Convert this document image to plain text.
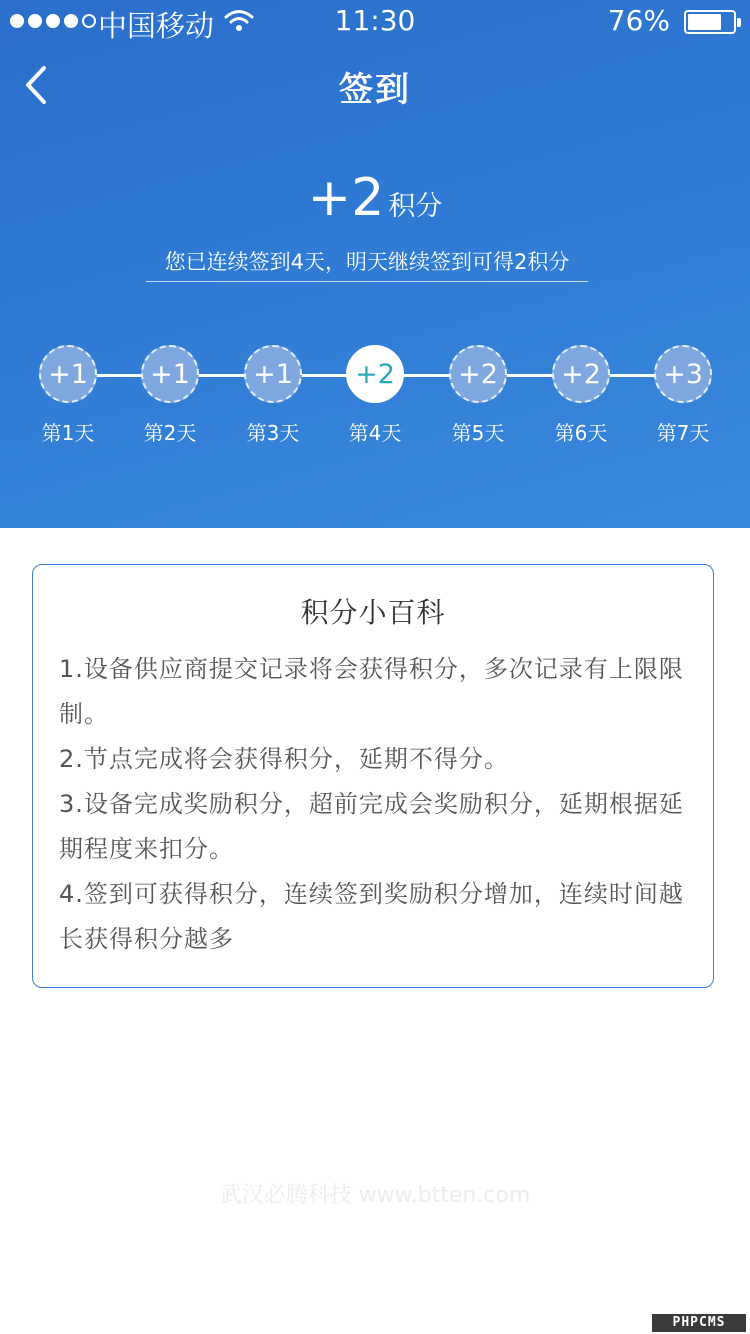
中国移动	11:30	76%
签到
+2 积分
您已连续签到4天，明天继续签到可得2积分
+1
第1天
+1
第2天
+1
第3天
+2
第4天
+2
第5天
+2
第6天
+3
第7天
积分小百科

1.设备供应商提交记录将会获得积分，多次记录有上限限制。

2.节点完成将会获得积分，延期不得分。

3.设备完成奖励积分，超前完成会奖励积分，延期根据延期程度来扣分。

4.签到可获得积分，连续签到奖励积分增加，连续时间越长获得积分越多

武汉必腾科技 www.btten.com
PHPCMS
